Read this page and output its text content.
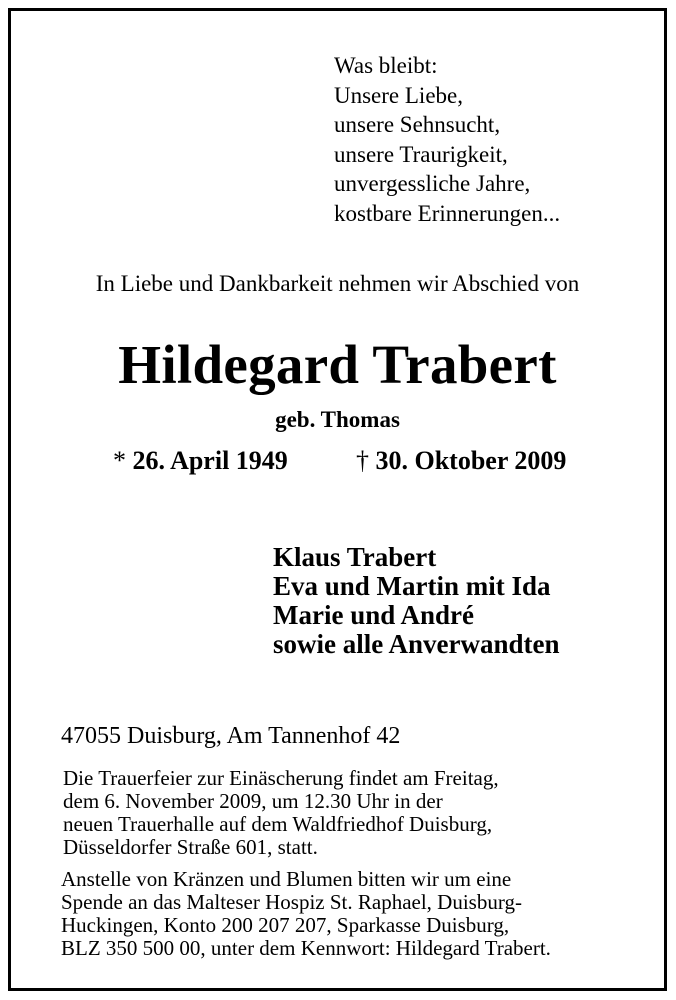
Was bleibt:
Unsere Liebe,
unsere Sehnsucht,
unsere Traurigkeit,
unvergessliche Jahre,
kostbare Erinnerungen...
In Liebe und Dankbarkeit nehmen wir Abschied von
Hildegard Trabert
geb. Thomas
* 26. April 1949	† 30. Oktober 2009
Klaus Trabert
Eva und Martin mit Ida
Marie und André
sowie alle Anverwandten
47055 Duisburg, Am Tannenhof 42
Die Trauerfeier zur Einäscherung findet am Freitag,
dem 6. November 2009, um 12.30 Uhr in der
neuen Trauerhalle auf dem Waldfriedhof Duisburg,
Düsseldorfer Straße 601, statt.
Anstelle von Kränzen und Blumen bitten wir um eine
Spende an das Malteser Hospiz St. Raphael, Duisburg-
Huckingen, Konto 200 207 207, Sparkasse Duisburg,
BLZ 350 500 00, unter dem Kennwort: Hildegard Trabert.
